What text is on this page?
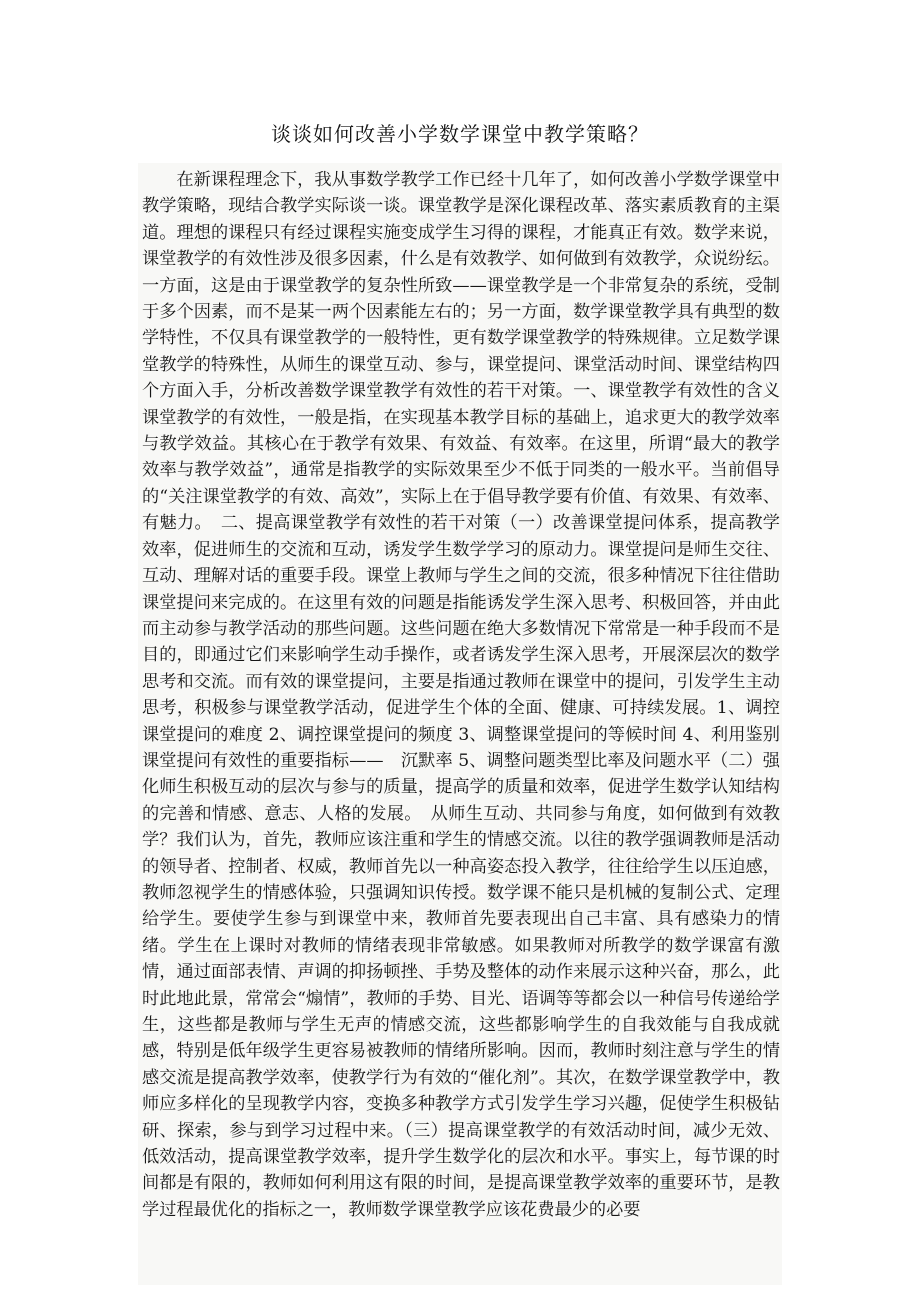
谈谈如何改善小学数学课堂中教学策略？

在新课程理念下，我从事数学教学工作已经十几年了，如何改善小学数学课堂中教学策略，现结合教学实际谈一谈。课堂教学是深化课程改革、落实素质教育的主渠道。理想的课程只有经过课程实施变成学生习得的课程，才能真正有效。数学来说，课堂教学的有效性涉及很多因素，什么是有效教学、如何做到有效教学，众说纷纭。一方面，这是由于课堂教学的复杂性所致——课堂教学是一个非常复杂的系统，受制于多个因素，而不是某一两个因素能左右的；另一方面，数学课堂教学具有典型的数学特性，不仅具有课堂教学的一般特性，更有数学课堂教学的特殊规律。立足数学课堂教学的特殊性，从师生的课堂互动、参与，课堂提问、课堂活动时间、课堂结构四个方面入手，分析改善数学课堂教学有效性的若干对策。一、课堂教学有效性的含义　课堂教学的有效性，一般是指，在实现基本教学目标的基础上，追求更大的教学效率与教学效益。其核心在于教学有效果、有效益、有效率。在这里，所谓“最大的教学效率与教学效益”，通常是指教学的实际效果至少不低于同类的一般水平。当前倡导的“关注课堂教学的有效、高效”，实际上在于倡导教学要有价值、有效果、有效率、有魅力。　二、提高课堂教学有效性的若干对策（一）改善课堂提问体系，提高教学效率，促进师生的交流和互动，诱发学生数学学习的原动力。课堂提问是师生交往、互动、理解对话的重要手段。课堂上教师与学生之间的交流，很多种情况下往往借助课堂提问来完成的。在这里有效的问题是指能诱发学生深入思考、积极回答，并由此而主动参与教学活动的那些问题。这些问题在绝大多数情况下常常是一种手段而不是目的，即通过它们来影响学生动手操作，或者诱发学生深入思考，开展深层次的数学思考和交流。而有效的课堂提问，主要是指通过教师在课堂中的提问，引发学生主动思考，积极参与课堂教学活动，促进学生个体的全面、健康、可持续发展。1、调控课堂提问的难度 2、调控课堂提问的频度 3、调整课堂提问的等候时间 4、利用鉴别课堂提问有效性的重要指标——　沉默率 5、调整问题类型比率及问题水平（二）强化师生积极互动的层次与参与的质量，提高学的质量和效率，促进学生数学认知结构的完善和情感、意志、人格的发展。　从师生互动、共同参与角度，如何做到有效教学？我们认为，首先，教师应该注重和学生的情感交流。以往的教学强调教师是活动的领导者、控制者、权威，教师首先以一种高姿态投入教学，往往给学生以压迫感，教师忽视学生的情感体验，只强调知识传授。数学课不能只是机械的复制公式、定理给学生。要使学生参与到课堂中来，教师首先要表现出自己丰富、具有感染力的情绪。学生在上课时对教师的情绪表现非常敏感。如果教师对所教学的数学课富有激情，通过面部表情、声调的抑扬顿挫、手势及整体的动作来展示这种兴奋，那么，此时此地此景，常常会“煽情”，教师的手势、目光、语调等等都会以一种信号传递给学生，这些都是教师与学生无声的情感交流，这些都影响学生的自我效能与自我成就感，特别是低年级学生更容易被教师的情绪所影响。因而，教师时刻注意与学生的情感交流是提高教学效率，使教学行为有效的“催化剂”。其次，在数学课堂教学中，教师应多样化的呈现教学内容，变换多种教学方式引发学生学习兴趣，促使学生积极钻研、探索，参与到学习过程中来。（三）提高课堂教学的有效活动时间，减少无效、低效活动，提高课堂教学效率，提升学生数学化的层次和水平。事实上，每节课的时间都是有限的，教师如何利用这有限的时间，是提高课堂教学效率的重要环节，是教学过程最优化的指标之一，教师数学课堂教学应该花费最少的必要
